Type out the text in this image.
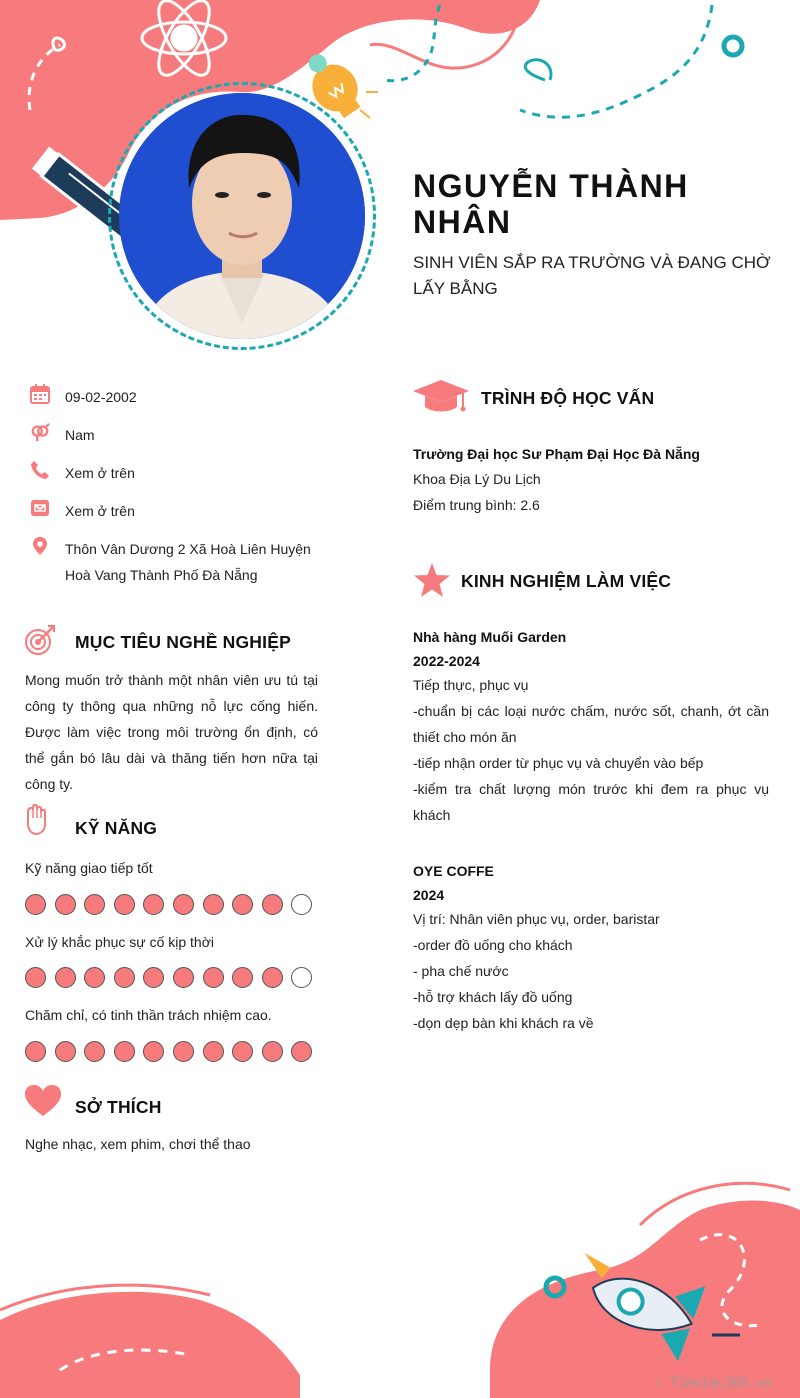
NGUYỄN THÀNH NHÂN
SINH VIÊN SẮP RA TRƯỜNG VÀ ĐANG CHỜ LẤY BẰNG
09-02-2002
Nam
Xem ở trên
Xem ở trên
Thôn Vân Dương 2 Xã Hoà Liên Huyện
Hoà Vang Thành Phố Đà Nẵng
MỤC TIÊU NGHỀ NGHIỆP
Mong muốn trở thành một nhân viên ưu tú tại công ty thông qua những nỗ lực cống hiến. Được làm việc trong môi trường ổn định, có thể gắn bó lâu dài và thăng tiến hơn nữa tại công ty.
KỸ NĂNG
Kỹ năng giao tiếp tốt
Xử lý khắc phục sự cố kịp thời
Chăm chỉ, có tinh thần trách nhiệm cao.
SỞ THÍCH
Nghe nhạc, xem phim, chơi thể thao
TRÌNH ĐỘ HỌC VẤN
Trường Đại học Sư Phạm Đại Học Đà Nẵng
Khoa Địa Lý Du Lịch
Điểm trung bình: 2.6
KINH NGHIỆM LÀM VIỆC
Nhà hàng Muối Garden
2022-2024
Tiếp thực, phục vụ
-chuẩn bị các loại nước chấm, nước sốt, chanh, ớt cần thiết cho món ăn
-tiếp nhận order từ phục vụ và chuyển vào bếp
-kiểm tra chất lượng món trước khi đem ra phục vụ khách
OYE COFFE
2024
Vị trí: Nhân viên phục vụ, order, baristar
-order đồ uống cho khách
- pha chế nước
-hỗ trợ khách lấy đồ uống
-dọn dẹp bàn khi khách ra về
∴ Timviec365.vn
